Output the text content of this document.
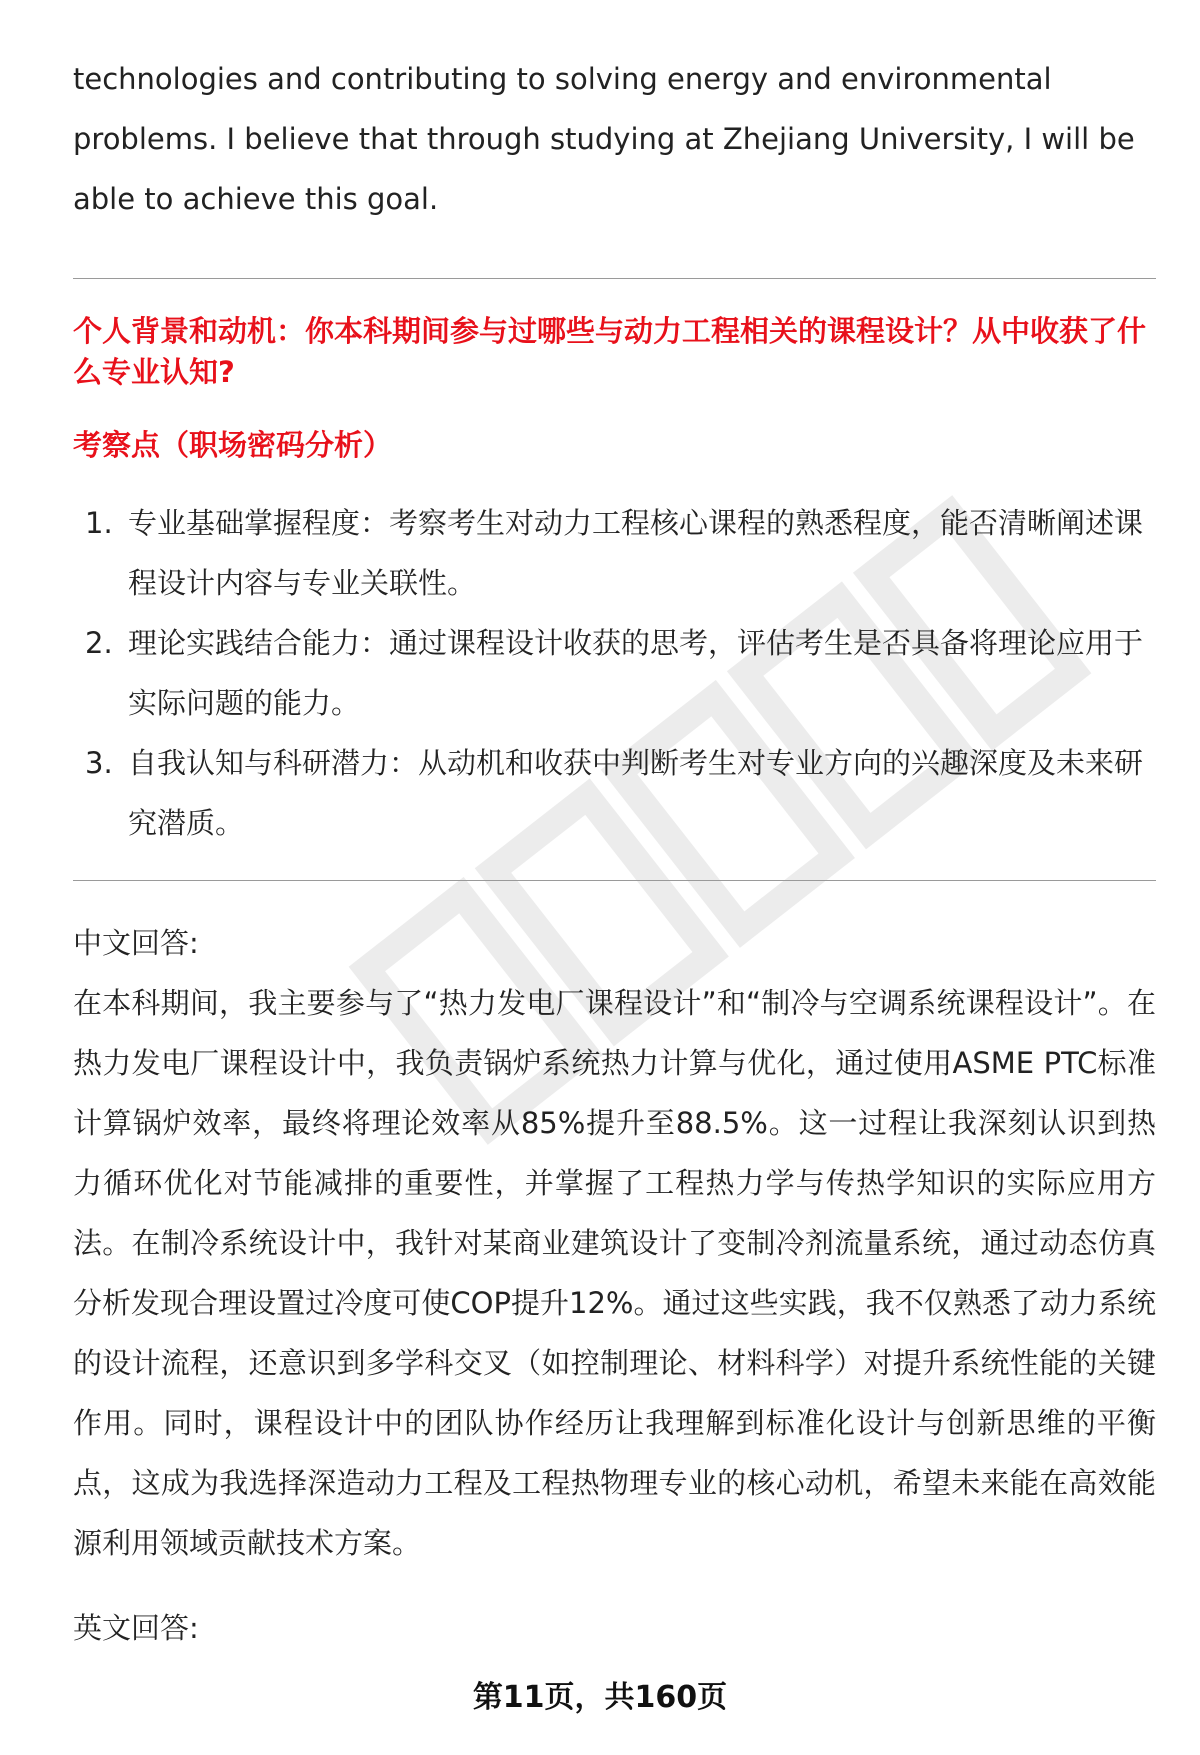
technologies and contributing to solving energy and environmental problems. I believe that through studying at Zhejiang University, I will be able to achieve this goal.

个人背景和动机：你本科期间参与过哪些与动力工程相关的课程设计？从中收获了什么专业认知?

考察点（职场密码分析）

1. 专业基础掌握程度：考察考生对动力工程核心课程的熟悉程度，能否清晰阐述课程设计内容与专业关联性。
2. 理论实践结合能力：通过课程设计收获的思考，评估考生是否具备将理论应用于实际问题的能力。
3. 自我认知与科研潜力：从动机和收获中判断考生对专业方向的兴趣深度及未来研究潜质。

中文回答:

在本科期间，我主要参与了“热力发电厂课程设计”和“制冷与空调系统课程设计”。在热力发电厂课程设计中，我负责锅炉系统热力计算与优化，通过使用ASME PTC标准计算锅炉效率，最终将理论效率从85%提升至88.5%。这一过程让我深刻认识到热力循环优化对节能减排的重要性，并掌握了工程热力学与传热学知识的实际应用方法。在制冷系统设计中，我针对某商业建筑设计了变制冷剂流量系统，通过动态仿真分析发现合理设置过冷度可使COP提升12%。通过这些实践，我不仅熟悉了动力系统的设计流程，还意识到多学科交叉（如控制理论、材料科学）对提升系统性能的关键作用。同时，课程设计中的团队协作经历让我理解到标准化设计与创新思维的平衡点，这成为我选择深造动力工程及工程热物理专业的核心动机，希望未来能在高效能源利用领域贡献技术方案。

英文回答:

第11页，共160页
